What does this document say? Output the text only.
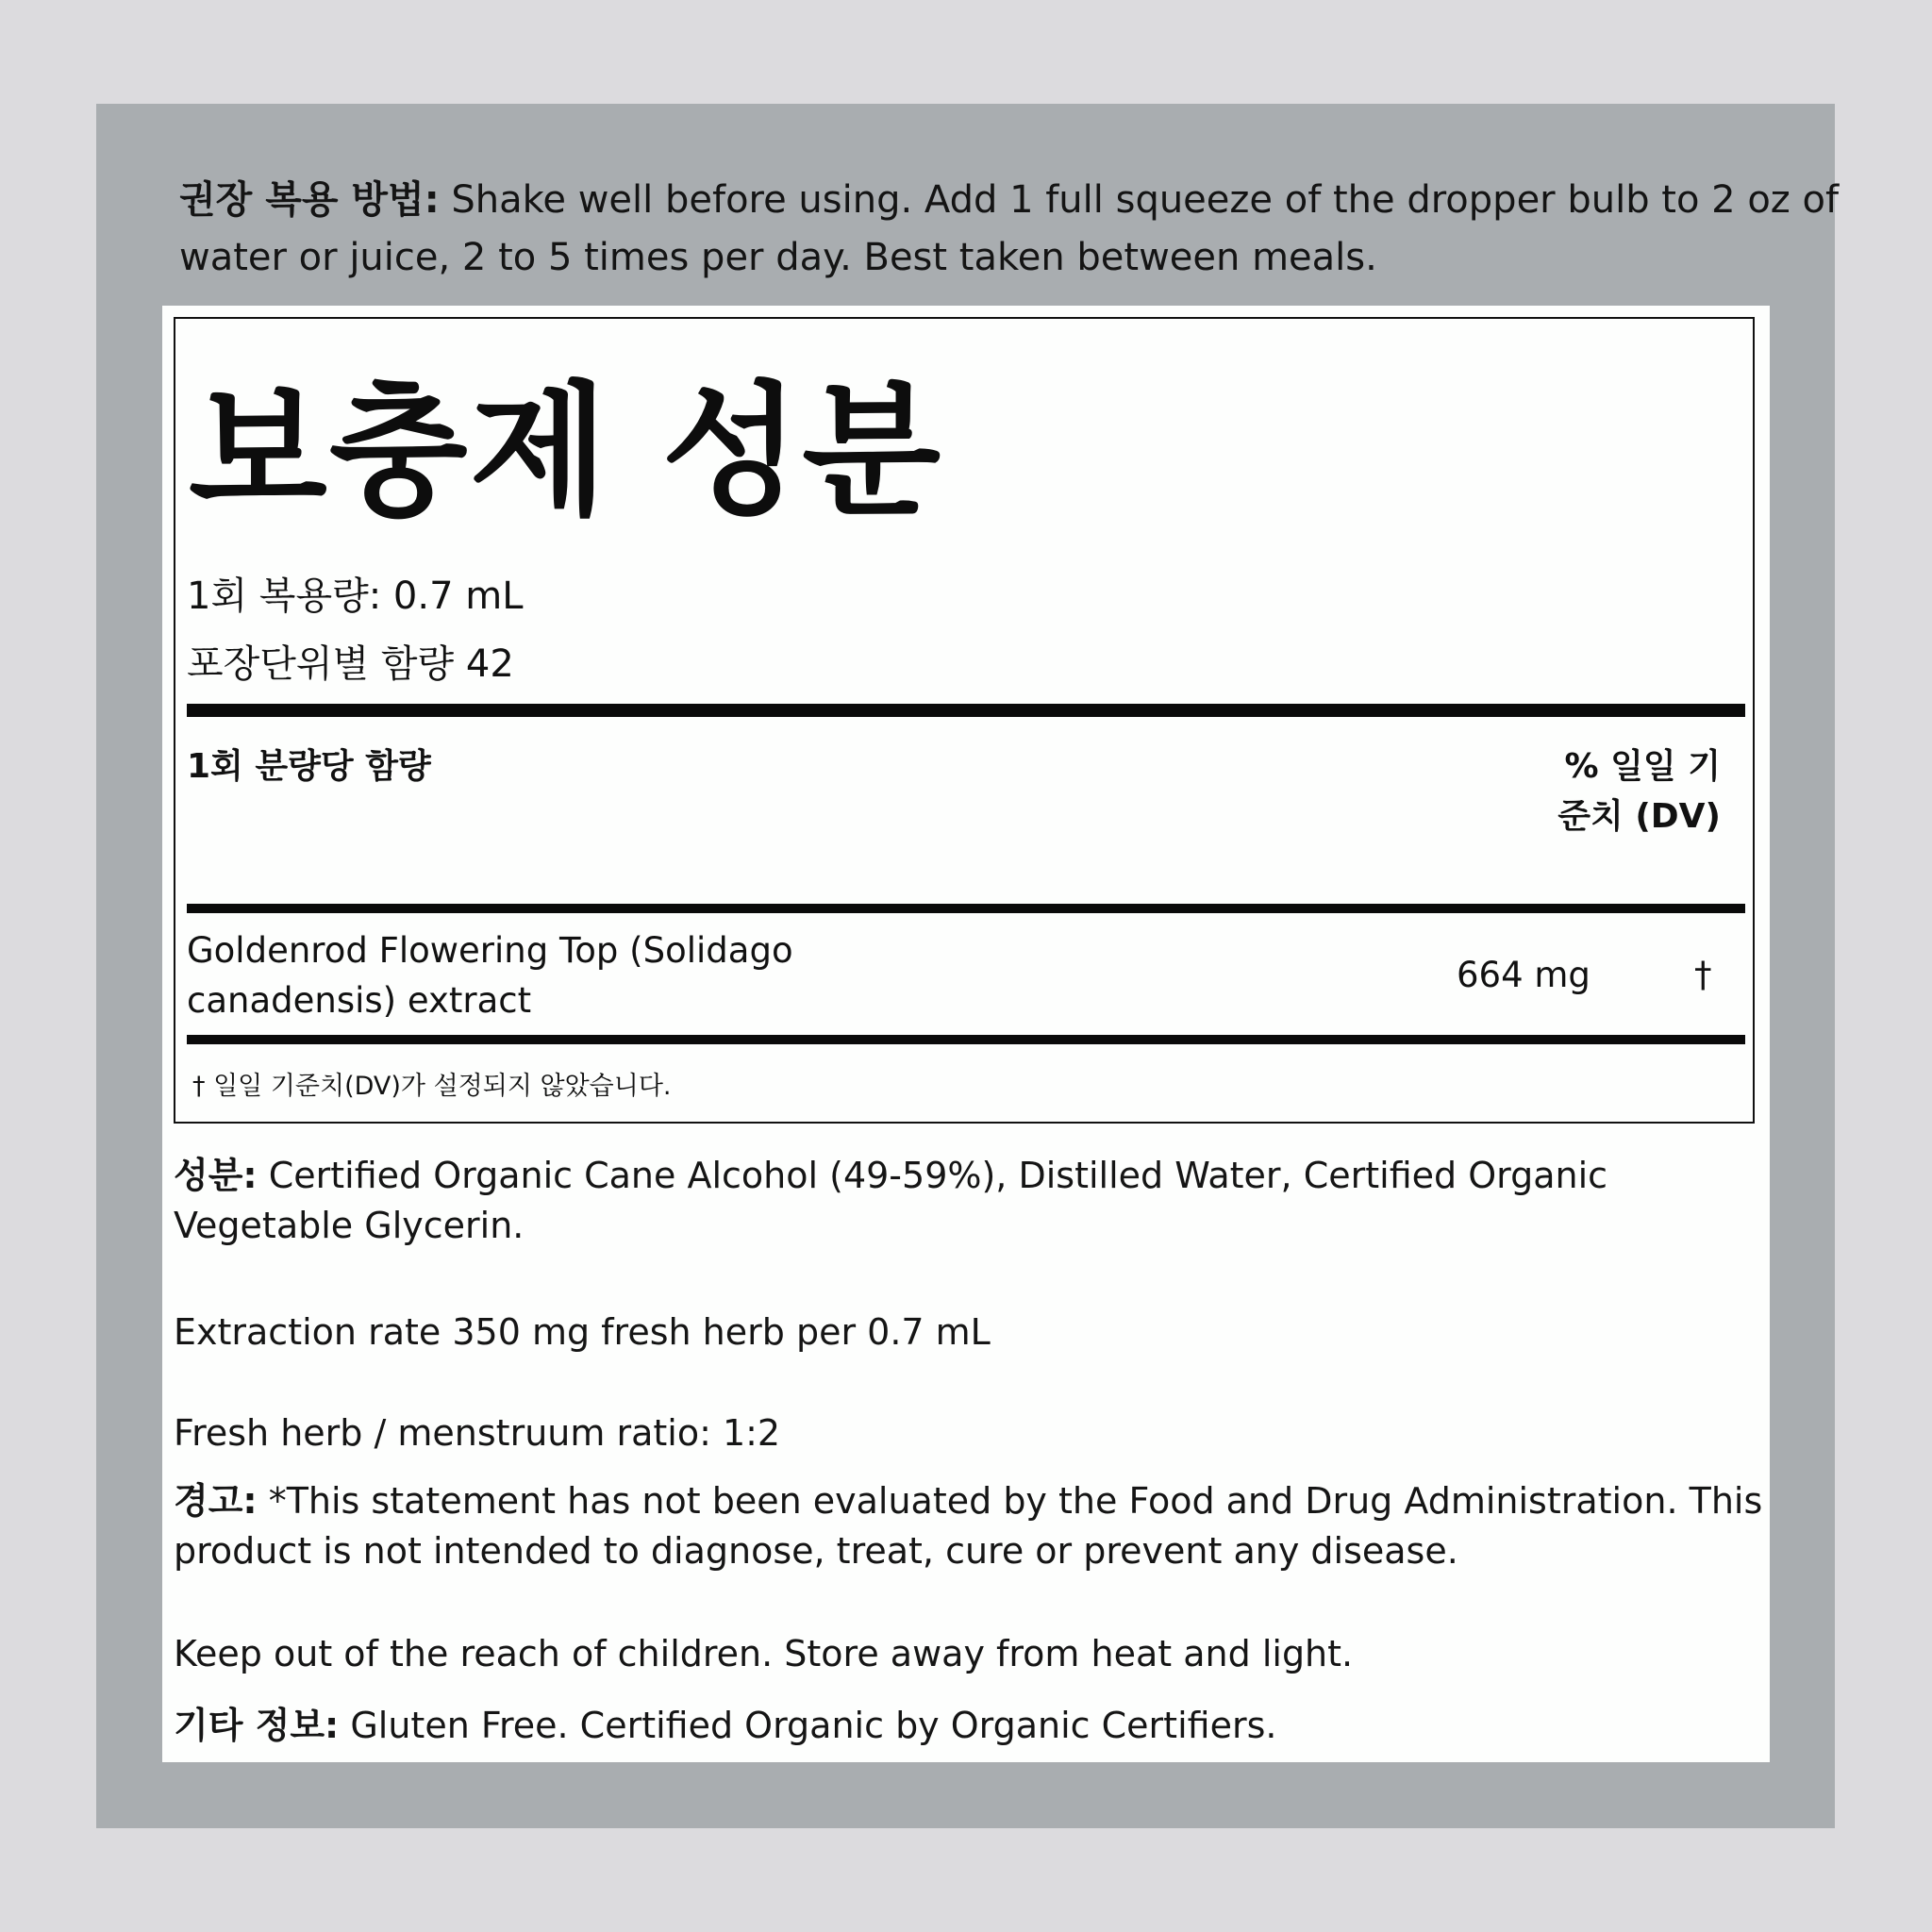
권장 복용 방법: Shake well before using. Add 1 full squeeze of the dropper bulb to 2 oz of water or juice, 2 to 5 times per day. Best taken between meals.
보충제 성분
1회 복용량: 0.7 mL
포장단위별 함량 42
1회 분량당 함량	% 일일 기준치 (DV)
Goldenrod Flowering Top (Solidago canadensis) extract
664 mg	†
† 일일 기준치(DV)가 설정되지 않았습니다.
성분: Certified Organic Cane Alcohol (49-59%), Distilled Water, Certified Organic Vegetable Glycerin.
Extraction rate 350 mg fresh herb per 0.7 mL
Fresh herb / menstruum ratio: 1:2
경고: *This statement has not been evaluated by the Food and Drug Administration. This product is not intended to diagnose, treat, cure or prevent any disease.
Keep out of the reach of children. Store away from heat and light.
기타 정보: Gluten Free. Certified Organic by Organic Certifiers.
